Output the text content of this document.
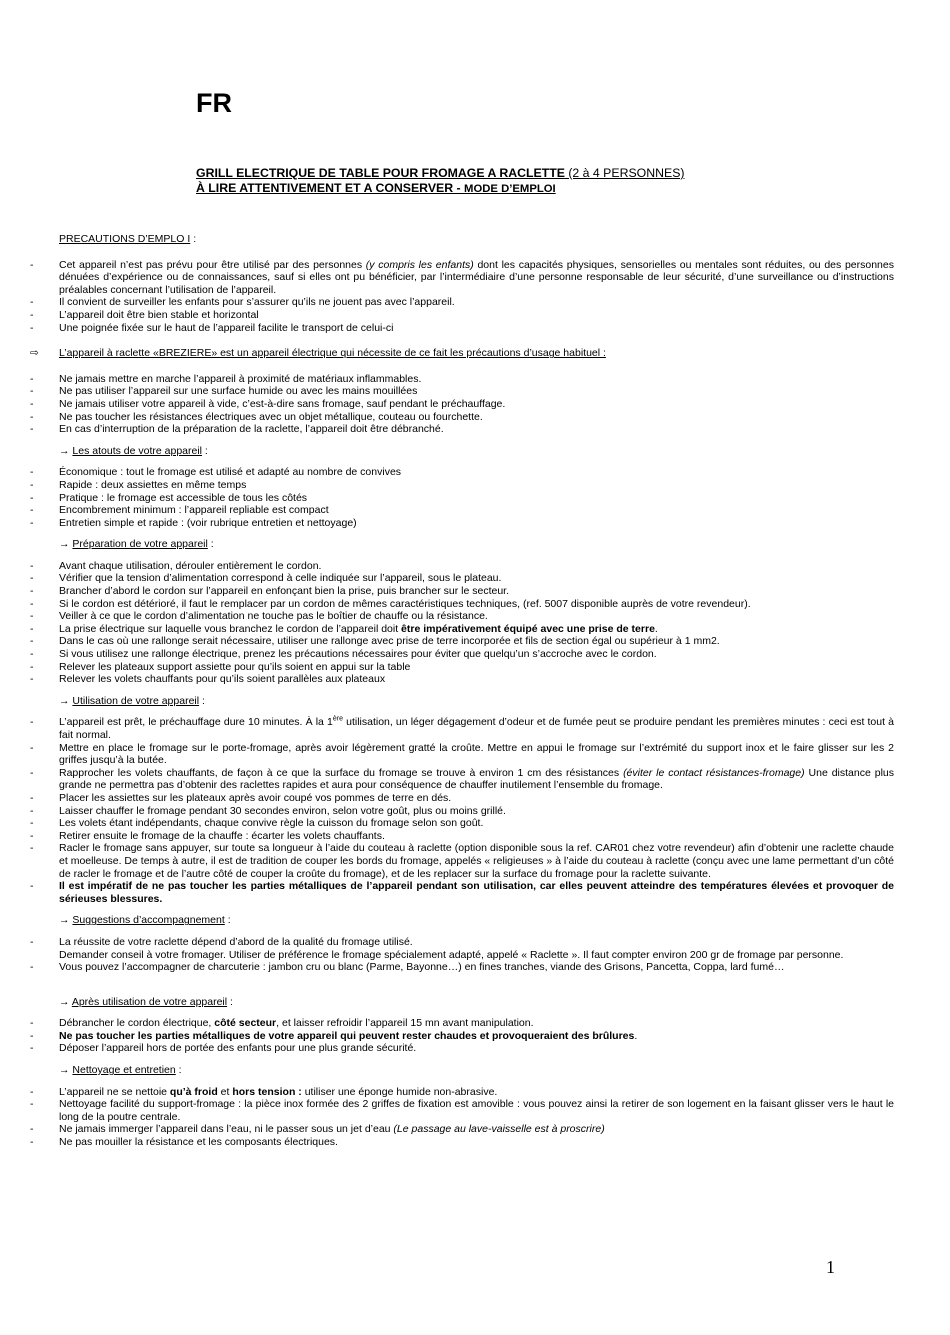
FR
GRILL ELECTRIQUE DE TABLE POUR FROMAGE A RACLETTE (2 à 4 PERSONNES)
À LIRE ATTENTIVEMENT ET A CONSERVER - MODE D’EMPLOI
PRECAUTIONS D’EMPLO I :
-	Cet appareil n’est pas prévu pour être utilisé par des personnes (y compris les enfants) dont les capacités physiques, sensorielles ou mentales sont réduites, ou des personnes dénuées d’expérience ou de connaissances, sauf si elles ont pu bénéficier, par l’intermédiaire d’une personne responsable de leur sécurité, d’une surveillance ou d’instructions préalables concernant l’utilisation de l’appareil.
-	Il convient de surveiller les enfants pour s’assurer qu’ils ne jouent pas avec l’appareil.
-	L’appareil doit être bien stable et horizontal
-	Une poignée fixée sur le haut de l’appareil facilite le transport de celui-ci
⇨	L’appareil à raclette «BREZIERE» est un appareil électrique qui nécessite de ce fait les précautions d’usage habituel :
-	Ne jamais mettre en marche l’appareil à proximité de matériaux inflammables.
-	Ne pas utiliser l’appareil sur une surface humide ou avec les mains mouillées
-	Ne jamais utiliser votre appareil à vide, c’est-à-dire sans fromage, sauf pendant le préchauffage.
-	Ne pas toucher les résistances électriques avec un objet métallique, couteau ou fourchette.
-	En cas d’interruption de la préparation de la raclette, l’appareil doit être débranché.
→ Les atouts de votre appareil :
-	Économique : tout le fromage est utilisé et adapté au nombre de convives
-	Rapide : deux assiettes en même temps
-	Pratique : le fromage est accessible de tous les côtés
-	Encombrement minimum : l’appareil repliable est compact
-	Entretien simple et rapide : (voir rubrique entretien et nettoyage)
→ Préparation de votre appareil :
-	Avant chaque utilisation, dérouler entièrement le cordon.
-	Vérifier que la tension d’alimentation correspond à celle indiquée sur l’appareil, sous le plateau.
-	Brancher d’abord le cordon sur l’appareil en enfonçant bien la prise, puis brancher sur le secteur.
-	Si le cordon est détérioré, il faut le remplacer par un cordon de mêmes caractéristiques techniques, (ref. 5007 disponible auprès de votre revendeur).
-	Veiller à ce que le cordon d’alimentation ne touche pas le boîtier de chauffe ou la résistance.
-	La prise électrique sur laquelle vous branchez le cordon de l’appareil doit être impérativement équipé avec une prise de terre.
-	Dans le cas où une rallonge serait nécessaire, utiliser une rallonge avec prise de terre incorporée et fils de section égal ou supérieur à 1 mm2.
-	Si vous utilisez une rallonge électrique, prenez les précautions nécessaires pour éviter que quelqu’un s’accroche avec le cordon.
-	Relever les plateaux support assiette pour qu’ils soient en appui sur la table
-	Relever les volets chauffants pour qu’ils soient parallèles aux plateaux
→ Utilisation de votre appareil :
-	L’appareil est prêt, le préchauffage dure 10 minutes. À la 1ère utilisation, un léger dégagement d’odeur et de fumée peut se produire pendant les premières minutes : ceci est tout à fait normal.
-	Mettre en place le fromage sur le porte-fromage, après avoir légèrement gratté la croûte. Mettre en appui le fromage sur l’extrémité du support inox et le faire glisser sur les 2 griffes jusqu’à la butée.
-	Rapprocher les volets chauffants, de façon à ce que la surface du fromage se trouve à environ 1 cm des résistances (éviter le contact résistances-fromage) Une distance plus grande ne permettra pas d’obtenir des raclettes rapides et aura pour conséquence de chauffer inutilement l’ensemble du fromage.
-	Placer les assiettes sur les plateaux après avoir coupé vos pommes de terre en dés.
-	Laisser chauffer le fromage pendant 30 secondes environ, selon votre goût, plus ou moins grillé.
-	Les volets étant indépendants, chaque convive règle la cuisson du fromage selon son goût.
-	Retirer ensuite le fromage de la chauffe : écarter les volets chauffants.
-	Racler le fromage sans appuyer, sur toute sa longueur à l’aide du couteau à raclette (option disponible sous la ref. CAR01 chez votre revendeur) afin d’obtenir une raclette chaude et moelleuse. De temps à autre, il est de tradition de couper les bords du fromage, appelés « religieuses » à l’aide du couteau à raclette (conçu avec une lame permettant d’un côté de racler le fromage et de l’autre côté de couper la croûte du fromage), et de les replacer sur la surface du fromage pour la raclette suivante.
-	Il est impératif de ne pas toucher les parties métalliques de l’appareil pendant son utilisation, car elles peuvent atteindre des températures élevées et provoquer de sérieuses blessures.
→ Suggestions d’accompagnement :
-	La réussite de votre raclette dépend d’abord de la qualité du fromage utilisé.
Demander conseil à votre fromager. Utiliser de préférence le fromage spécialement adapté, appelé « Raclette ». Il faut compter environ 200 gr de fromage par personne.
-	Vous pouvez l’accompagner de charcuterie : jambon cru ou blanc (Parme, Bayonne…) en fines tranches, viande des Grisons, Pancetta, Coppa, lard fumé…
→ Après utilisation de votre appareil :
-	Débrancher le cordon électrique, côté secteur, et laisser refroidir l’appareil 15 mn avant manipulation.
-	Ne pas toucher les parties métalliques de votre appareil qui peuvent rester chaudes et provoqueraient des brûlures.
-	Déposer l’appareil hors de portée des enfants pour une plus grande sécurité.
→ Nettoyage et entretien :
-	L’appareil ne se nettoie qu’à froid et hors tension : utiliser une éponge humide non-abrasive.
-	Nettoyage facilité du support-fromage : la pièce inox formée des 2 griffes de fixation est amovible : vous pouvez ainsi la retirer de son logement en la faisant glisser vers le haut le long de la poutre centrale.
-	Ne jamais immerger l’appareil dans l’eau, ni le passer sous un jet d’eau (Le passage au lave-vaisselle est à proscrire)
-	Ne pas mouiller la résistance et les composants électriques.
1
